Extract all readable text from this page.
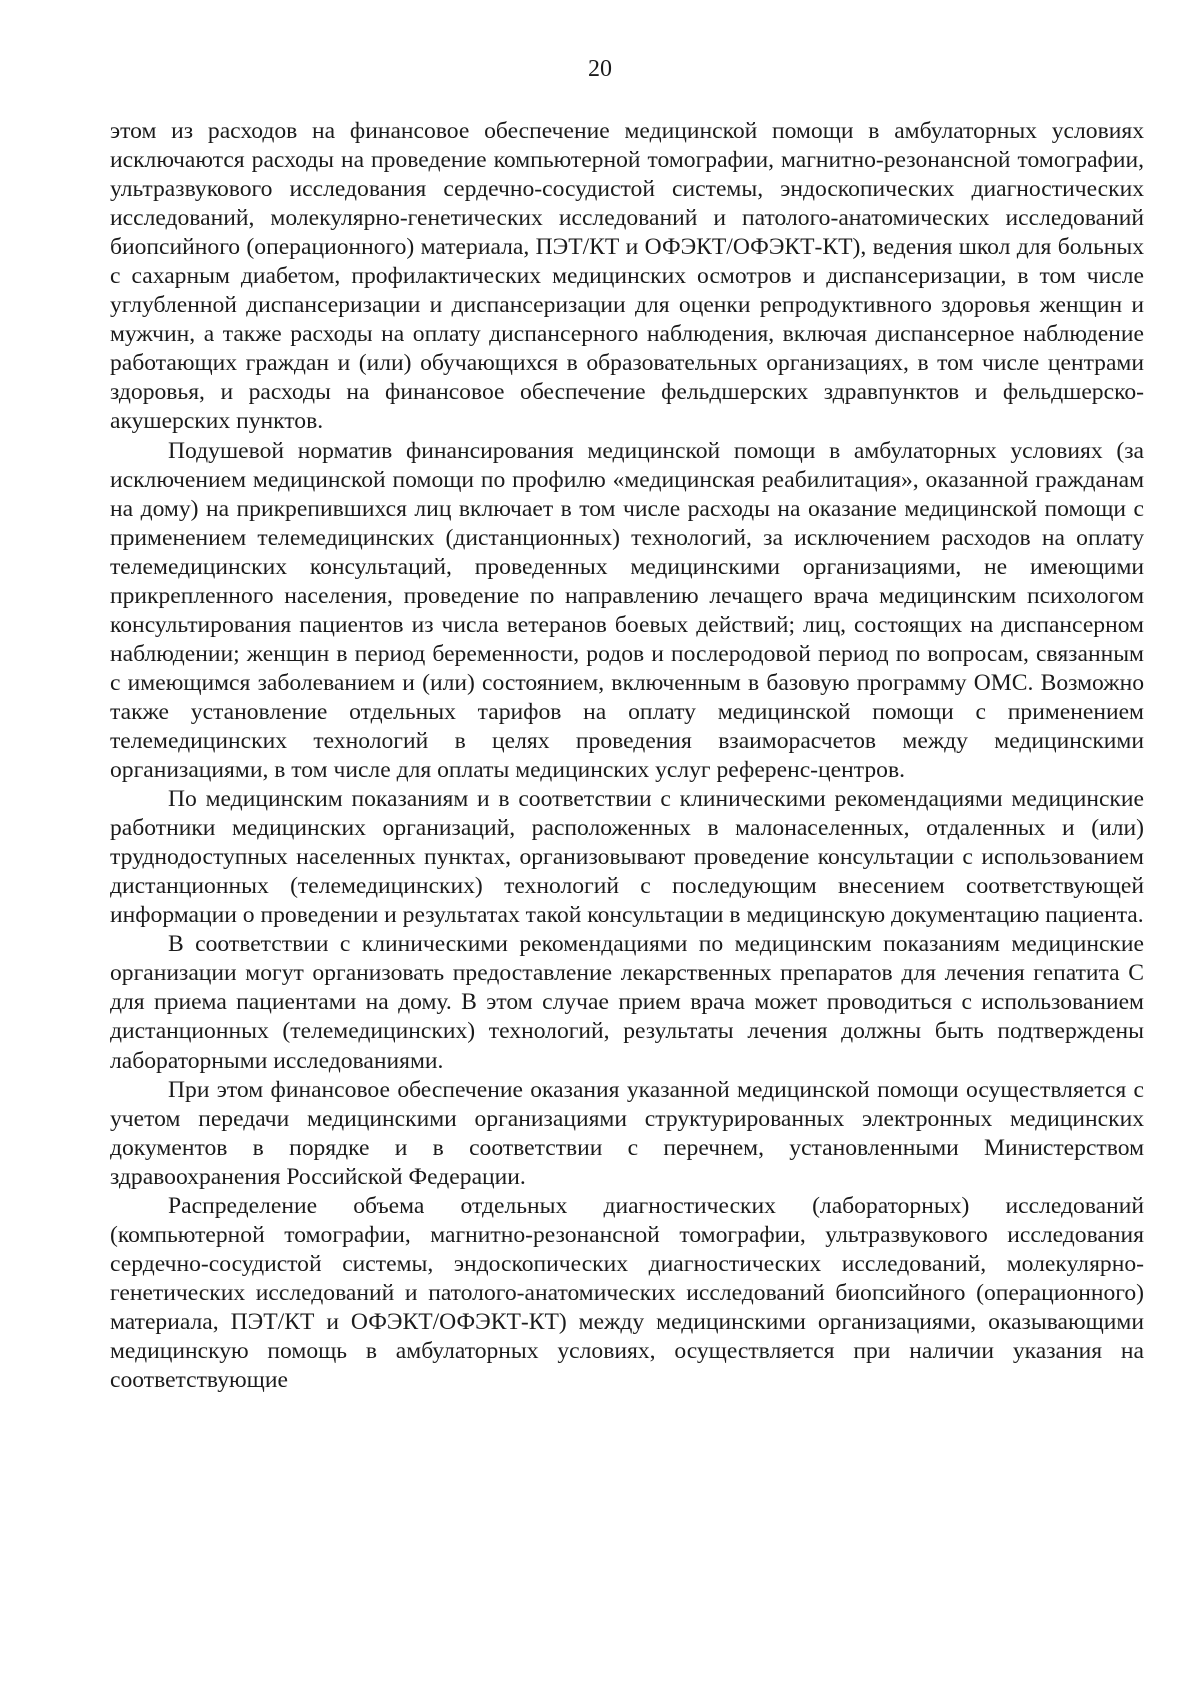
20

этом из расходов на финансовое обеспечение медицинской помощи в амбулаторных условиях исключаются расходы на проведение компьютерной томографии, магнитно-резонансной томографии, ультразвукового исследования сердечно-сосудистой системы, эндоскопических диагностических исследований, молекулярно-генетических исследований и патолого-анатомических исследований биопсийного (операционного) материала, ПЭТ/КТ и ОФЭКТ/ОФЭКТ-КТ), ведения школ для больных с сахарным диабетом, профилактических медицинских осмотров и диспансеризации, в том числе углубленной диспансеризации и диспансеризации для оценки репродуктивного здоровья женщин и мужчин, а также расходы на оплату диспансерного наблюдения, включая диспансерное наблюдение работающих граждан и (или) обучающихся в образовательных организациях, в том числе центрами здоровья, и расходы на финансовое обеспечение фельдшерских здравпунктов и фельдшерско-акушерских пунктов.

Подушевой норматив финансирования медицинской помощи в амбулаторных условиях (за исключением медицинской помощи по профилю «медицинская реабилитация», оказанной гражданам на дому) на прикрепившихся лиц включает в том числе расходы на оказание медицинской помощи с применением телемедицинских (дистанционных) технологий, за исключением расходов на оплату телемедицинских консультаций, проведенных медицинскими организациями, не имеющими прикрепленного населения, проведение по направлению лечащего врача медицинским психологом консультирования пациентов из числа ветеранов боевых действий; лиц, состоящих на диспансерном наблюдении; женщин в период беременности, родов и послеродовой период по вопросам, связанным с имеющимся заболеванием и (или) состоянием, включенным в базовую программу ОМС. Возможно также установление отдельных тарифов на оплату медицинской помощи с применением телемедицинских технологий в целях проведения взаиморасчетов между медицинскими организациями, в том числе для оплаты медицинских услуг референс-центров.

По медицинским показаниям и в соответствии с клиническими рекомендациями медицинские работники медицинских организаций, расположенных в малонаселенных, отдаленных и (или) труднодоступных населенных пунктах, организовывают проведение консультации с использованием дистанционных (телемедицинских) технологий с последующим внесением соответствующей информации о проведении и результатах такой консультации в медицинскую документацию пациента.

В соответствии с клиническими рекомендациями по медицинским показаниям медицинские организации могут организовать предоставление лекарственных препаратов для лечения гепатита С для приема пациентами на дому. В этом случае прием врача может проводиться с использованием дистанционных (телемедицинских) технологий, результаты лечения должны быть подтверждены лабораторными исследованиями.

При этом финансовое обеспечение оказания указанной медицинской помощи осуществляется с учетом передачи медицинскими организациями структурированных электронных медицинских документов в порядке и в соответствии с перечнем, установленными Министерством здравоохранения Российской Федерации.

Распределение объема отдельных диагностических (лабораторных) исследований (компьютерной томографии, магнитно-резонансной томографии, ультразвукового исследования сердечно-сосудистой системы, эндоскопических диагностических исследований, молекулярно-генетических исследований и патолого-анатомических исследований биопсийного (операционного) материала, ПЭТ/КТ и ОФЭКТ/ОФЭКТ-КТ) между медицинскими организациями, оказывающими медицинскую помощь в амбулаторных условиях, осуществляется при наличии указания на соответствующие
